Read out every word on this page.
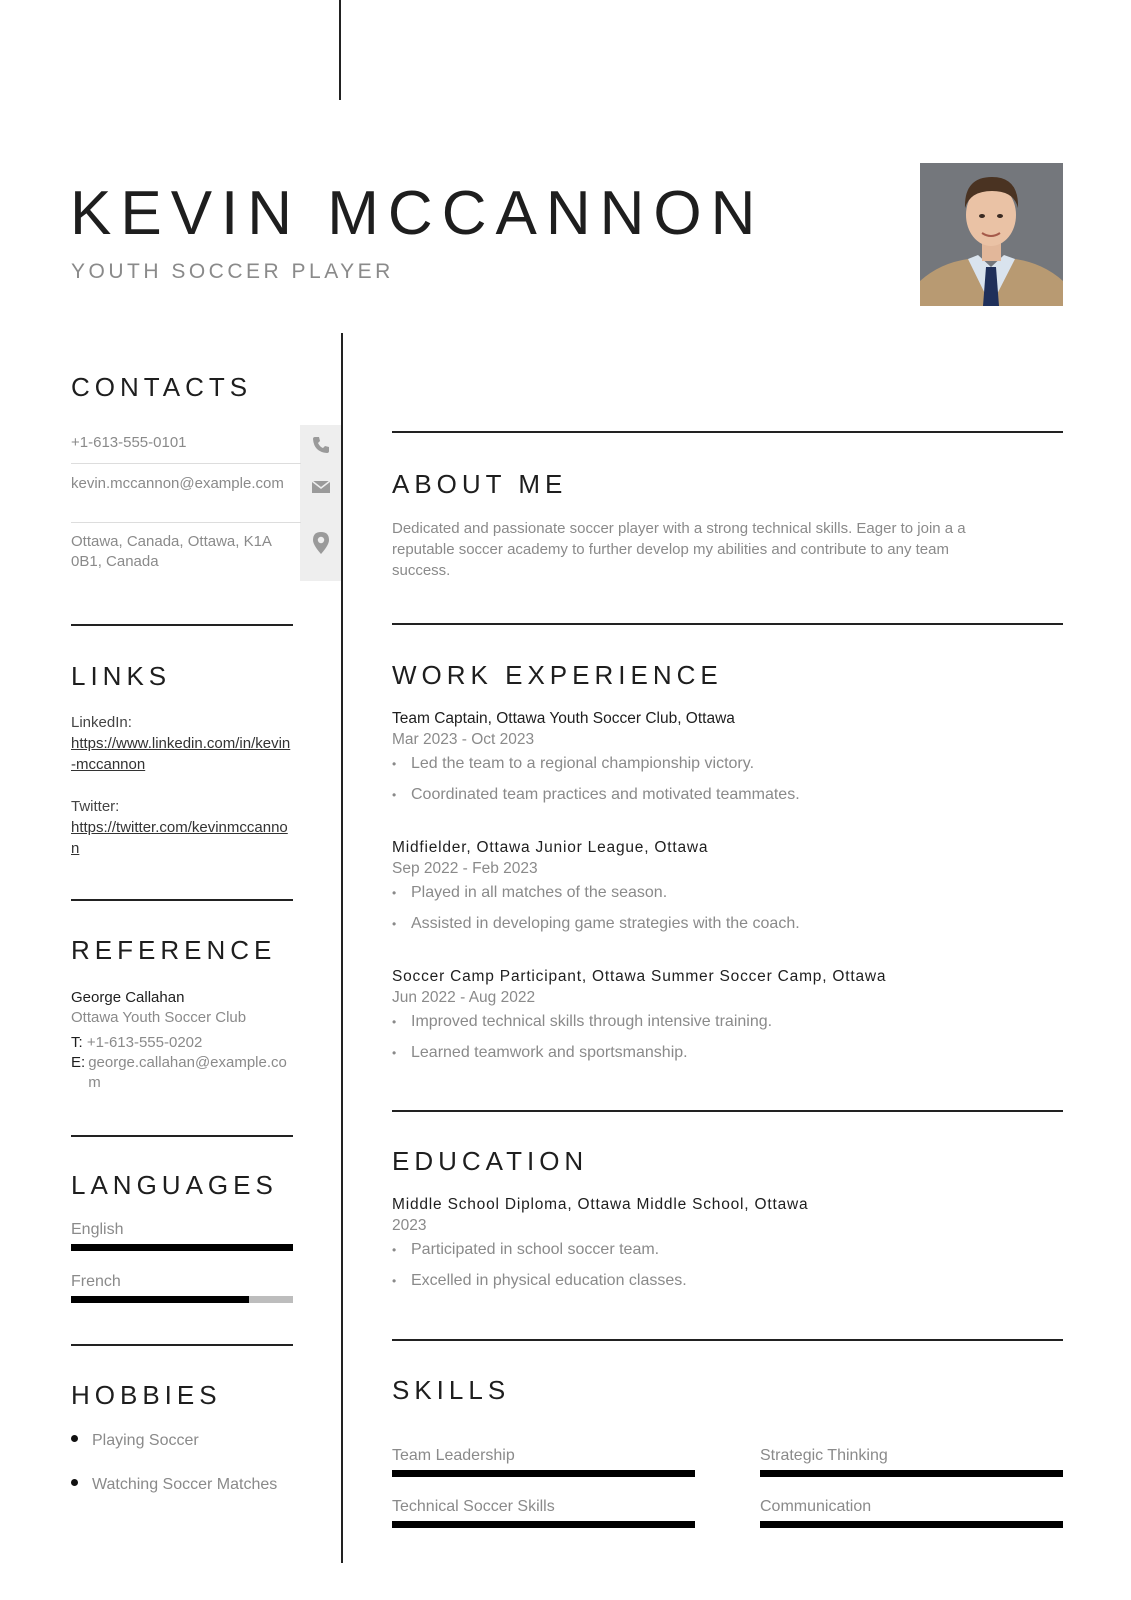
KEVIN MCCANNON
YOUTH SOCCER PLAYER
CONTACTS
+1-613-555-0101
kevin.mccannon@example.com
Ottawa, Canada, Ottawa, K1A 0B1, Canada
LINKS
LinkedIn:
https://www.linkedin.com/in/kevin-mccannon
Twitter:
https://twitter.com/kevinmccannon
REFERENCE
George Callahan
Ottawa Youth Soccer Club
T: +1-613-555-0202
E: george.callahan@example.com
LANGUAGES
English
French
HOBBIES
Playing Soccer
Watching Soccer Matches
ABOUT ME
Dedicated and passionate soccer player with a strong technical skills. Eager to join a a reputable soccer academy to further develop my abilities and contribute to any team success.
WORK EXPERIENCE
Team Captain, Ottawa Youth Soccer Club, Ottawa
Mar 2023 - Oct 2023
• Led the team to a regional championship victory.
• Coordinated team practices and motivated teammates.
Midfielder, Ottawa Junior League, Ottawa
Sep 2022 - Feb 2023
• Played in all matches of the season.
• Assisted in developing game strategies with the coach.
Soccer Camp Participant, Ottawa Summer Soccer Camp, Ottawa
Jun 2022 - Aug 2022
• Improved technical skills through intensive training.
• Learned teamwork and sportsmanship.
EDUCATION
Middle School Diploma, Ottawa Middle School, Ottawa
2023
• Participated in school soccer team.
• Excelled in physical education classes.
SKILLS
Team Leadership	Strategic Thinking
Technical Soccer Skills	Communication
